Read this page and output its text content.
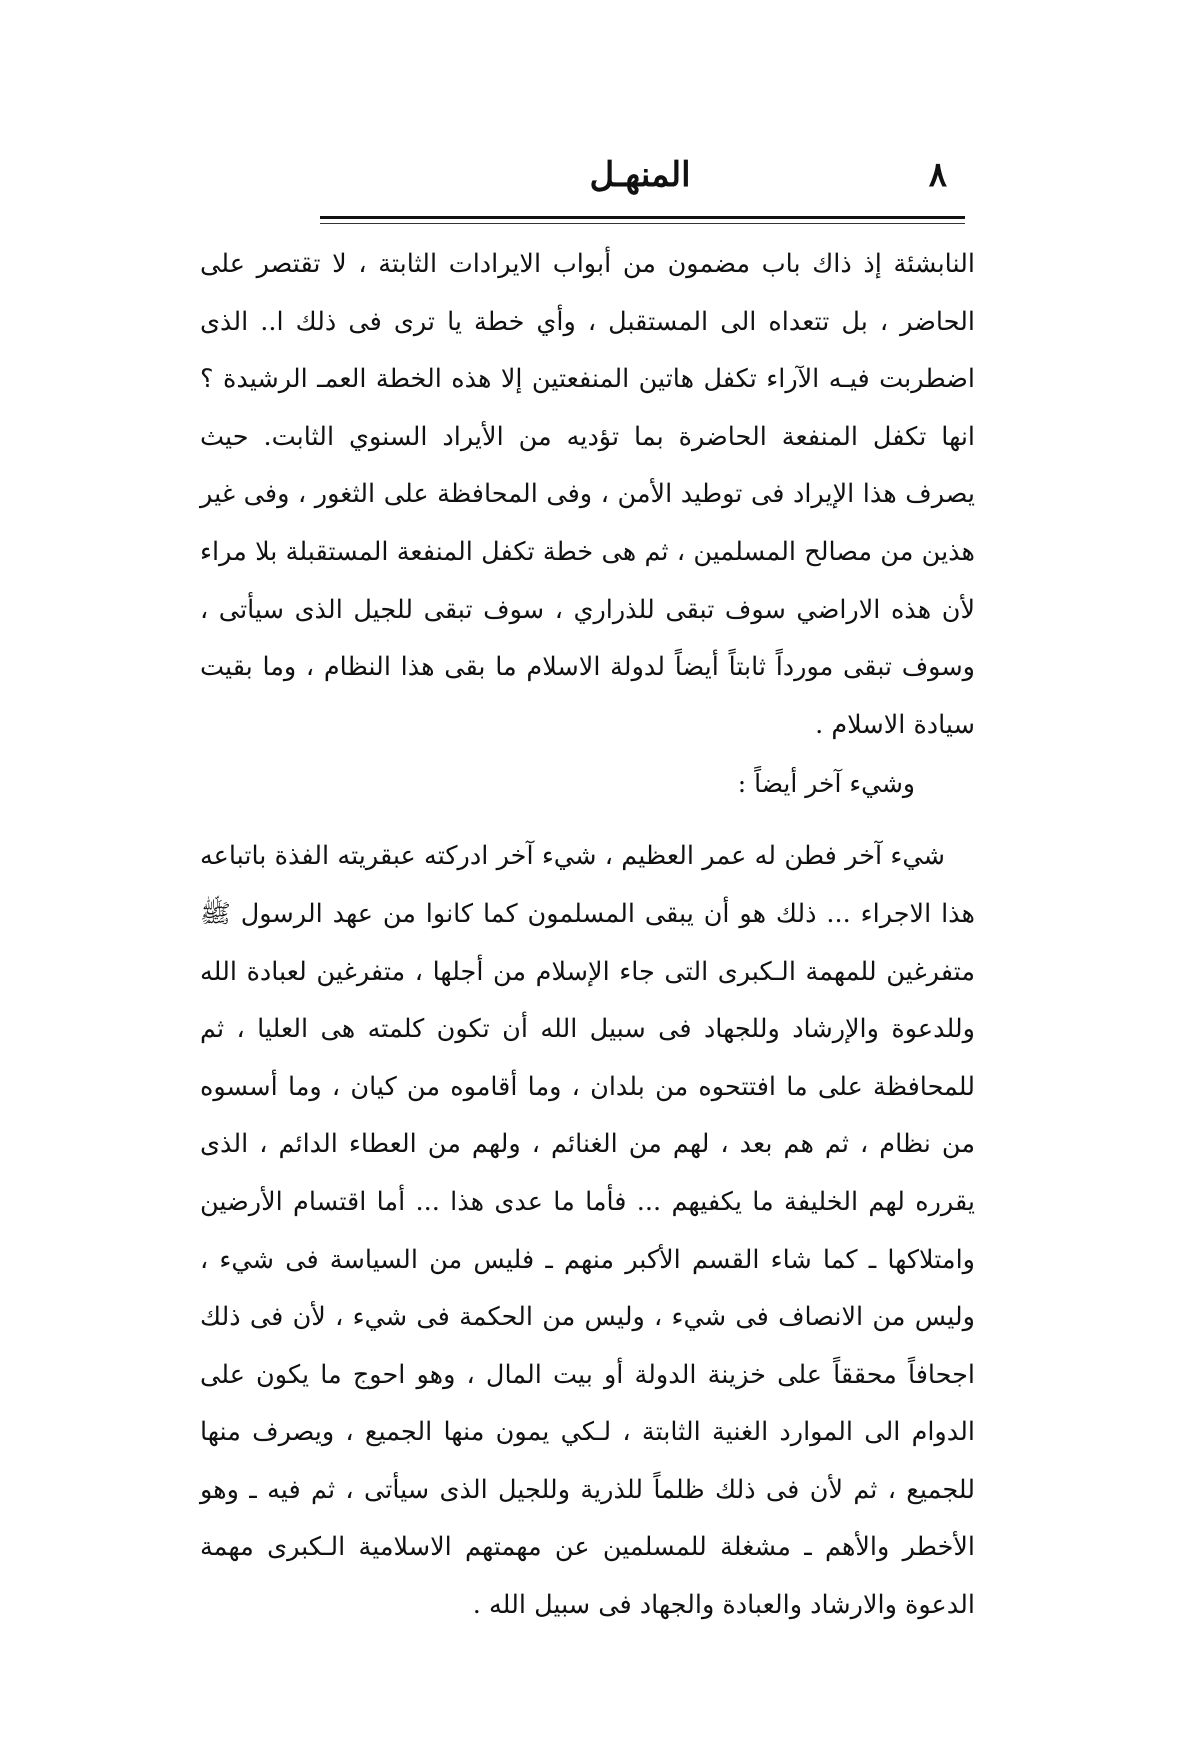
المنهـل	٨

النابشئة إذ ذاك باب مضمون من أبواب الايرادات الثابتة ، لا تقتصر على الحاضر ، بل تتعداه الى المستقبل ، وأي خطة يا ترى فى ذلك ا.. الذى اضطربت فيـه الآراء تكفل هاتين المنفعتين إلا هذه الخطة العمـ الرشيدة ؟ انها تكفل المنفعة الحاضرة بما تؤديه من الأيراد السنوي الثابت. حيث يصرف هذا الإيراد فى توطيد الأمن ، وفى المحافظة على الثغور ، وفى غير هذين من مصالح المسلمين ، ثم هى خطة تكفل المنفعة المستقبلة بلا مراء لأن هذه الاراضي سوف تبقى للذراري ، سوف تبقى للجيل الذى سيأتى ، وسوف تبقى مورداً ثابتاً أيضاً لدولة الاسلام ما بقى هذا النظام ، وما بقيت سيادة الاسلام .

وشيء آخر أيضاً :

شيء آخر فطن له عمر العظيم ، شيء آخر ادركته عبقريته الفذة باتباعه هذا الاجراء ... ذلك هو أن يبقى المسلمون كما كانوا من عهد الرسول ﷺ متفرغين للمهمة الـكبرى التى جاء الإسلام من أجلها ، متفرغين لعبادة الله وللدعوة والإرشاد وللجهاد فى سبيل الله أن تكون كلمته هى العليا ، ثم للمحافظة على ما افتتحوه من بلدان ، وما أقاموه من كيان ، وما أسسوه من نظام ، ثم هم بعد ، لهم من الغنائم ، ولهم من العطاء الدائم ، الذى يقرره لهم الخليفة ما يكفيهم ... فأما ما عدى هذا ... أما اقتسام الأرضين وامتلاكها ـ كما شاء القسم الأكبر منهم ـ فليس من السياسة فى شيء ، وليس من الانصاف فى شيء ، وليس من الحكمة فى شيء ، لأن فى ذلك اجحافاً محققاً على خزينة الدولة أو بيت المال ، وهو احوج ما يكون على الدوام الى الموارد الغنية الثابتة ، لـكي يمون منها الجميع ، ويصرف منها للجميع ، ثم لأن فى ذلك ظلماً للذرية وللجيل الذى سيأتى ، ثم فيه ـ وهو الأخطر والأهم ـ مشغلة للمسلمين عن مهمتهم الاسلامية الـكبرى مهمة الدعوة والارشاد والعبادة والجهاد فى سبيل الله .
